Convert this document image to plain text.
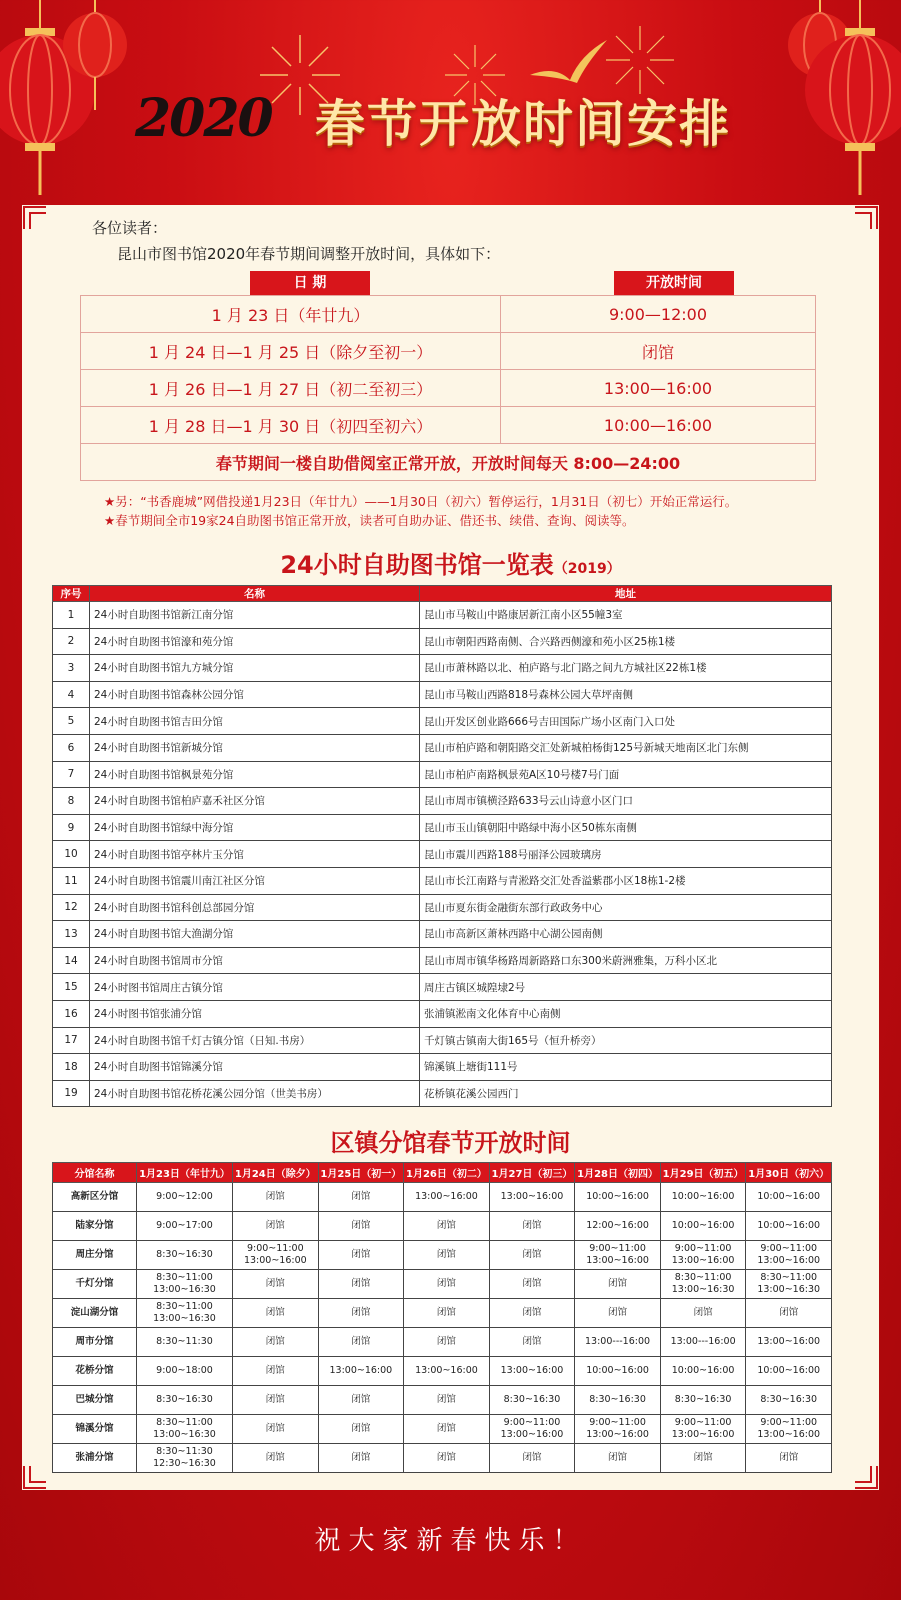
2020 春节开放时间安排
各位读者：
昆山市图书馆2020年春节期间调整开放时间，具体如下：
日 期	开放时间
1 月 23 日（年廿九）	9:00—12:00
1 月 24 日—1 月 25 日（除夕至初一）	闭馆
1 月 26 日—1 月 27 日（初二至初三）	13:00—16:00
1 月 28 日—1 月 30 日（初四至初六）	10:00—16:00
春节期间一楼自助借阅室正常开放，开放时间每天 8:00—24:00	
★另：“书香鹿城”网借投递1月23日（年廿九）——1月30日（初六）暂停运行，1月31日（初七）开始正常运行。
★春节期间全市19家24自助图书馆正常开放，读者可自助办证、借还书、续借、查询、阅读等。
24小时自助图书馆一览表（2019）
序号	名称	地址
1	24小时自助图书馆新江南分馆	昆山市马鞍山中路康居新江南小区55幢3室
2	24小时自助图书馆濠和苑分馆	昆山市朝阳西路南侧、合兴路西侧濠和苑小区25栋1楼
3	24小时自助图书馆九方城分馆	昆山市萧林路以北、柏庐路与北门路之间九方城社区22栋1楼
4	24小时自助图书馆森林公园分馆	昆山市马鞍山西路818号森林公园大草坪南侧
5	24小时自助图书馆吉田分馆	昆山开发区创业路666号吉田国际广场小区南门入口处
6	24小时自助图书馆新城分馆	昆山市柏庐路和朝阳路交汇处新城柏杨街125号新城天地南区北门东侧
7	24小时自助图书馆枫景苑分馆	昆山市柏庐南路枫景苑A区10号楼7号门面
8	24小时自助图书馆柏庐嘉禾社区分馆	昆山市周市镇横泾路633号云山诗意小区门口
9	24小时自助图书馆绿中海分馆	昆山市玉山镇朝阳中路绿中海小区50栋东南侧
10	24小时自助图书馆亭林片玉分馆	昆山市震川西路188号丽泽公园玻璃房
11	24小时自助图书馆震川南江社区分馆	昆山市长江南路与青淞路交汇处香溢紫郡小区18栋1-2楼
12	24小时自助图书馆科创总部园分馆	昆山市夏东街金融街东部行政政务中心
13	24小时自助图书馆大渔湖分馆	昆山市高新区萧林西路中心湖公园南侧
14	24小时自助图书馆周市分馆	昆山市周市镇华杨路周新路路口东300米蔚洲雅集，万科小区北
15	24小时图书馆周庄古镇分馆	周庄古镇区城隍埭2号
16	24小时图书馆张浦分馆	张浦镇淞南文化体育中心南侧
17	24小时自助图书馆千灯古镇分馆（日知.书房）	千灯镇古镇南大街165号（恒升桥旁）
18	24小时自助图书馆锦溪分馆	锦溪镇上塘街111号
19	24小时自助图书馆花桥花溪公园分馆（世美书房）	花桥镇花溪公园西门
区镇分馆春节开放时间
分馆名称	1月23日（年廿九）	1月24日（除夕）	1月25日（初一）	1月26日（初二）	1月27日（初三）	1月28日（初四）	1月29日（初五）	1月30日（初六）
高新区分馆	9:00~12:00	闭馆	闭馆	13:00~16:00	13:00~16:00	10:00~16:00	10:00~16:00	10:00~16:00
陆家分馆	9:00~17:00	闭馆	闭馆	闭馆	闭馆	12:00~16:00	10:00~16:00	10:00~16:00
周庄分馆	8:30~16:30	9:00~11:00
13:00~16:00	闭馆	闭馆	闭馆	9:00~11:00
13:00~16:00	9:00~11:00
13:00~16:00	9:00~11:00
13:00~16:00
千灯分馆	8:30~11:00
13:00~16:30	闭馆	闭馆	闭馆	闭馆	闭馆	8:30~11:00
13:00~16:30	8:30~11:00
13:00~16:30
淀山湖分馆	8:30~11:00
13:00~16:30	闭馆	闭馆	闭馆	闭馆	闭馆	闭馆	闭馆
周市分馆	8:30~11:30	闭馆	闭馆	闭馆	闭馆	13:00---16:00	13:00---16:00	13:00~16:00
花桥分馆	9:00~18:00	闭馆	13:00~16:00	13:00~16:00	13:00~16:00	10:00~16:00	10:00~16:00	10:00~16:00
巴城分馆	8:30~16:30	闭馆	闭馆	闭馆	8:30~16:30	8:30~16:30	8:30~16:30	8:30~16:30
锦溪分馆	8:30~11:00
13:00~16:30	闭馆	闭馆	闭馆	9:00~11:00
13:00~16:00	9:00~11:00
13:00~16:00	9:00~11:00
13:00~16:00	9:00~11:00
13:00~16:00
张浦分馆	8:30~11:30
12:30~16:30	闭馆	闭馆	闭馆	闭馆	闭馆	闭馆	闭馆
祝大家新春快乐！
